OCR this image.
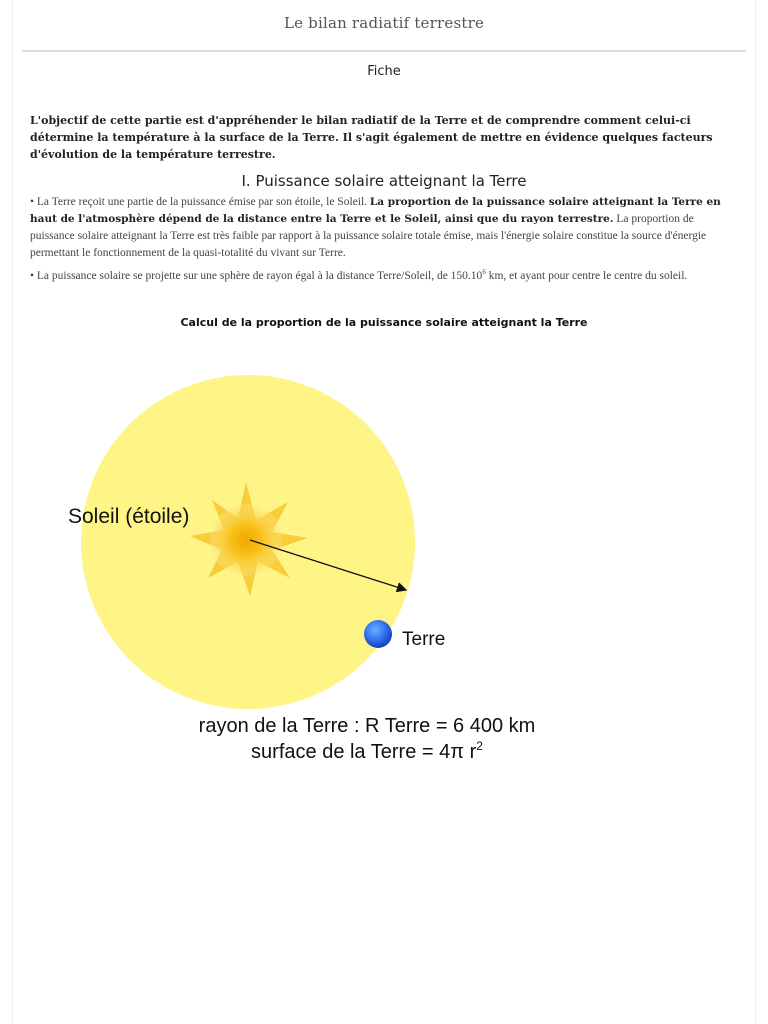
Le bilan radiatif terrestre
Fiche
L'objectif de cette partie est d'appréhender le bilan radiatif de la Terre et de comprendre comment celui-ci détermine la température à la surface de la Terre. Il s'agit également de mettre en évidence quelques facteurs d'évolution de la température terrestre.
I. Puissance solaire atteignant la Terre
• La Terre reçoit une partie de la puissance émise par son étoile, le Soleil. La proportion de la puissance solaire atteignant la Terre en haut de l'atmosphère dépend de la distance entre la Terre et le Soleil, ainsi que du rayon terrestre. La proportion de puissance solaire atteignant la Terre est très faible par rapport à la puissance solaire totale émise, mais l'énergie solaire constitue la source d'énergie permettant le fonctionnement de la quasi-totalité du vivant sur Terre.
• La puissance solaire se projette sur une sphère de rayon égal à la distance Terre/Soleil, de 150.10$^6$ km, et ayant pour centre le centre du soleil.
Calcul de la proportion de la puissance solaire atteignant la Terre
Soleil (étoile)
Terre
rayon de la Terre : R Terre = 6 400 km
surface de la Terre = 4π $r^2$
